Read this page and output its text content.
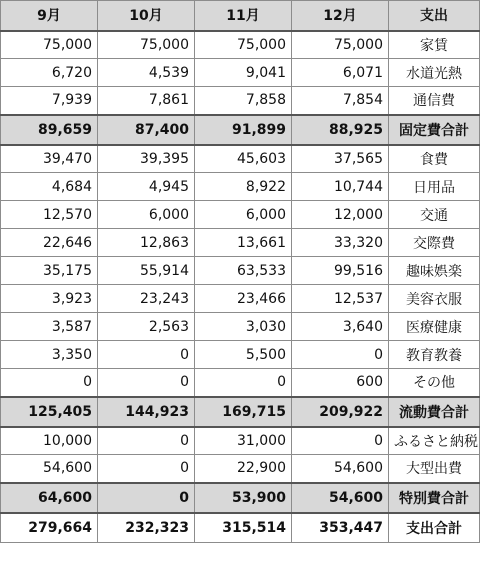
9月	10月	11月	12月	支出
75,000	75,000	75,000	75,000	家賃
6,720	4,539	9,041	6,071	水道光熱
7,939	7,861	7,858	7,854	通信費
89,659	87,400	91,899	88,925	固定費合計
39,470	39,395	45,603	37,565	食費
4,684	4,945	8,922	10,744	日用品
12,570	6,000	6,000	12,000	交通
22,646	12,863	13,661	33,320	交際費
35,175	55,914	63,533	99,516	趣味娯楽
3,923	23,243	23,466	12,537	美容衣服
3,587	2,563	3,030	3,640	医療健康
3,350	0	5,500	0	教育教養
0	0	0	600	その他
125,405	144,923	169,715	209,922	流動費合計
10,000	0	31,000	0	ふるさと納税
54,600	0	22,900	54,600	大型出費
64,600	0	53,900	54,600	特別費合計
279,664	232,323	315,514	353,447	支出合計
